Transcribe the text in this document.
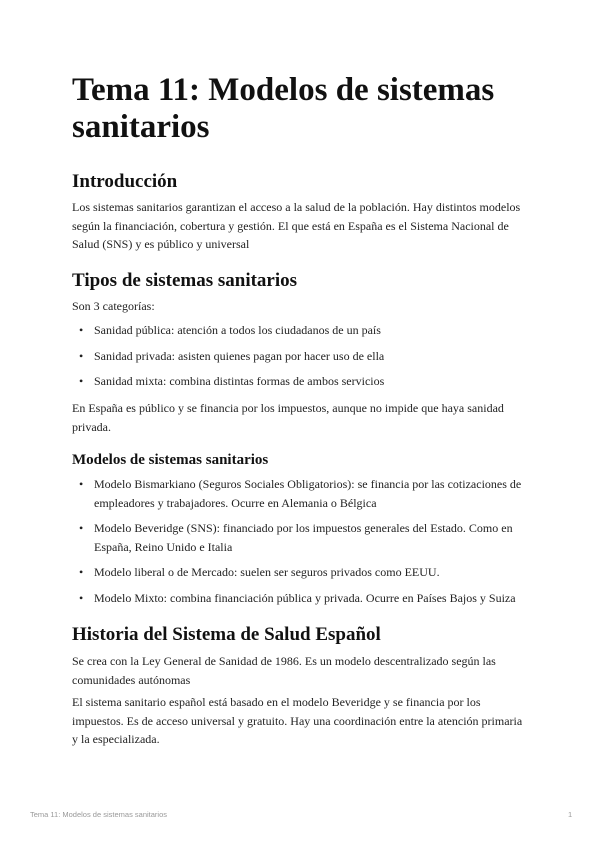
Tema 11: Modelos de sistemas sanitarios
Introducción

Los sistemas sanitarios garantizan el acceso a la salud de la población. Hay distintos modelos según la financiación, cobertura y gestión. El que está en España es el Sistema Nacional de Salud (SNS) y es público y universal

Tipos de sistemas sanitarios

Son 3 categorías:

• Sanidad pública: atención a todos los ciudadanos de un país
• Sanidad privada: asisten quienes pagan por hacer uso de ella
• Sanidad mixta: combina distintas formas de ambos servicios

En España es público y se financia por los impuestos, aunque no impide que haya sanidad privada.

Modelos de sistemas sanitarios
• Modelo Bismarkiano (Seguros Sociales Obligatorios): se financia por las cotizaciones de empleadores y trabajadores. Ocurre en Alemania o Bélgica
• Modelo Beveridge (SNS): financiado por los impuestos generales del Estado. Como en España, Reino Unido e Italia
• Modelo liberal o de Mercado: suelen ser seguros privados como EEUU.
• Modelo Mixto: combina financiación pública y privada. Ocurre en Países Bajos y Suiza
Historia del Sistema de Salud Español

Se crea con la Ley General de Sanidad de 1986. Es un modelo descentralizado según las comunidades autónomas

El sistema sanitario español está basado en el modelo Beveridge y se financia por los impuestos. Es de acceso universal y gratuito. Hay una coordinación entre la atención primaria y la especializada.

Tema 11: Modelos de sistemas sanitarios	1
